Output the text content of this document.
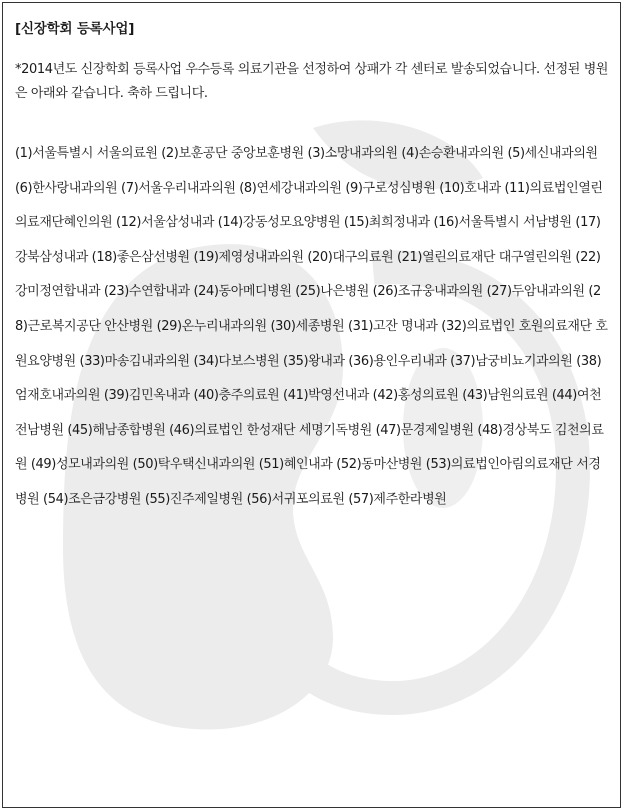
[신장학회 등록사업]

*2014년도 신장학회 등록사업 우수등록 의료기관을 선정하여 상패가 각 센터로 발송되었습니다. 선정된 병원은 아래와 같습니다. 축하 드립니다.

(1)서울특별시 서울의료원 (2)보훈공단 중앙보훈병원 (3)소망내과의원 (4)손승환내과의원 (5)세신내과의원 (6)한사랑내과의원 (7)서울우리내과의원 (8)연세강내과의원 (9)구로성심병원 (10)호내과 (11)의료법인열린의료재단혜인의원 (12)서울삼성내과 (14)강동성모요양병원 (15)최희정내과 (16)서울특별시 서남병원 (17)강북삼성내과 (18)좋은삼선병원 (19)제영성내과의원 (20)대구의료원 (21)열린의료재단 대구열린의원 (22)강미정연합내과 (23)수연합내과 (24)동아메디병원 (25)나은병원 (26)조규웅내과의원 (27)두암내과의원 (28)근로복지공단 안산병원 (29)온누리내과의원 (30)세종병원 (31)고잔 명내과 (32)의료법인 호원의료재단 호원요양병원 (33)마송김내과의원 (34)다보스병원 (35)왕내과 (36)용인우리내과 (37)남궁비뇨기과의원 (38)엄재호내과의원 (39)김민옥내과 (40)충주의료원 (41)박영선내과 (42)홍성의료원 (43)남원의료원 (44)여천 전남병원 (45)해남종합병원 (46)의료법인 한성재단 세명기독병원 (47)문경제일병원 (48)경상북도 김천의료원 (49)성모내과의원 (50)탁우택신내과의원 (51)혜인내과 (52)동마산병원 (53)의료법인아림의료재단 서경병원 (54)조은금강병원 (55)진주제일병원 (56)서귀포의료원 (57)제주한라병원
